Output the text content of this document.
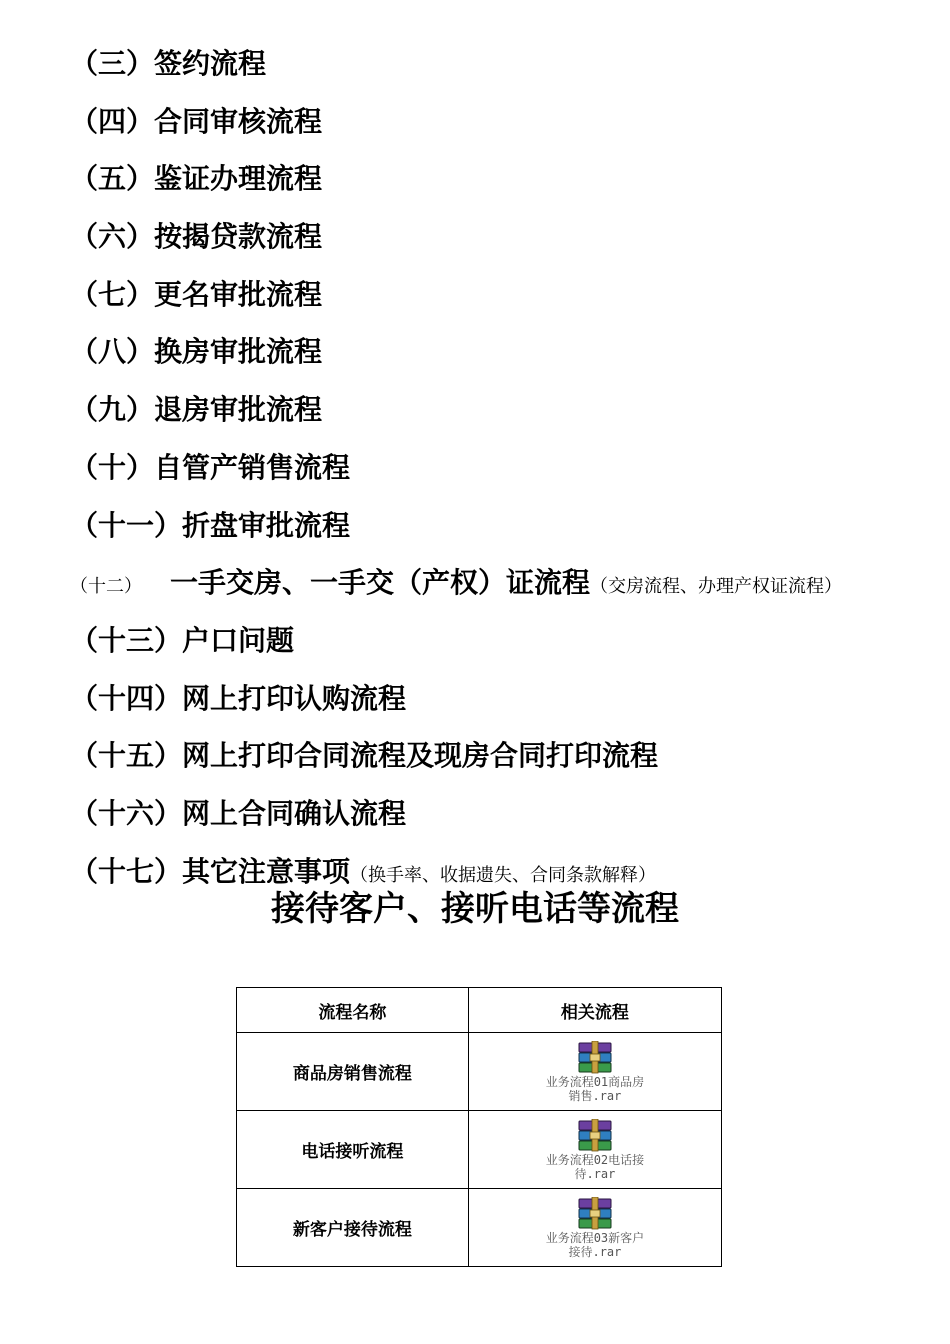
（三）签约流程
（四）合同审核流程
（五）鉴证办理流程
（六）按揭贷款流程
（七）更名审批流程
（八）换房审批流程
（九）退房审批流程
（十）自管产销售流程
（十一）折盘审批流程
（十二） 一手交房、一手交（产权）证流程（交房流程、办理产权证流程）
（十三）户口问题
（十四）网上打印认购流程
（十五）网上打印合同流程及现房合同打印流程
（十六）网上合同确认流程
（十七）其它注意事项（换手率、收据遗失、合同条款解释）
接待客户、接听电话等流程
流程名称	相关流程
商品房销售流程	业务流程01商品房
销售.rar

电话接听流程	业务流程02电话接
待.rar

新客户接待流程	业务流程03新客户
接待.rar
